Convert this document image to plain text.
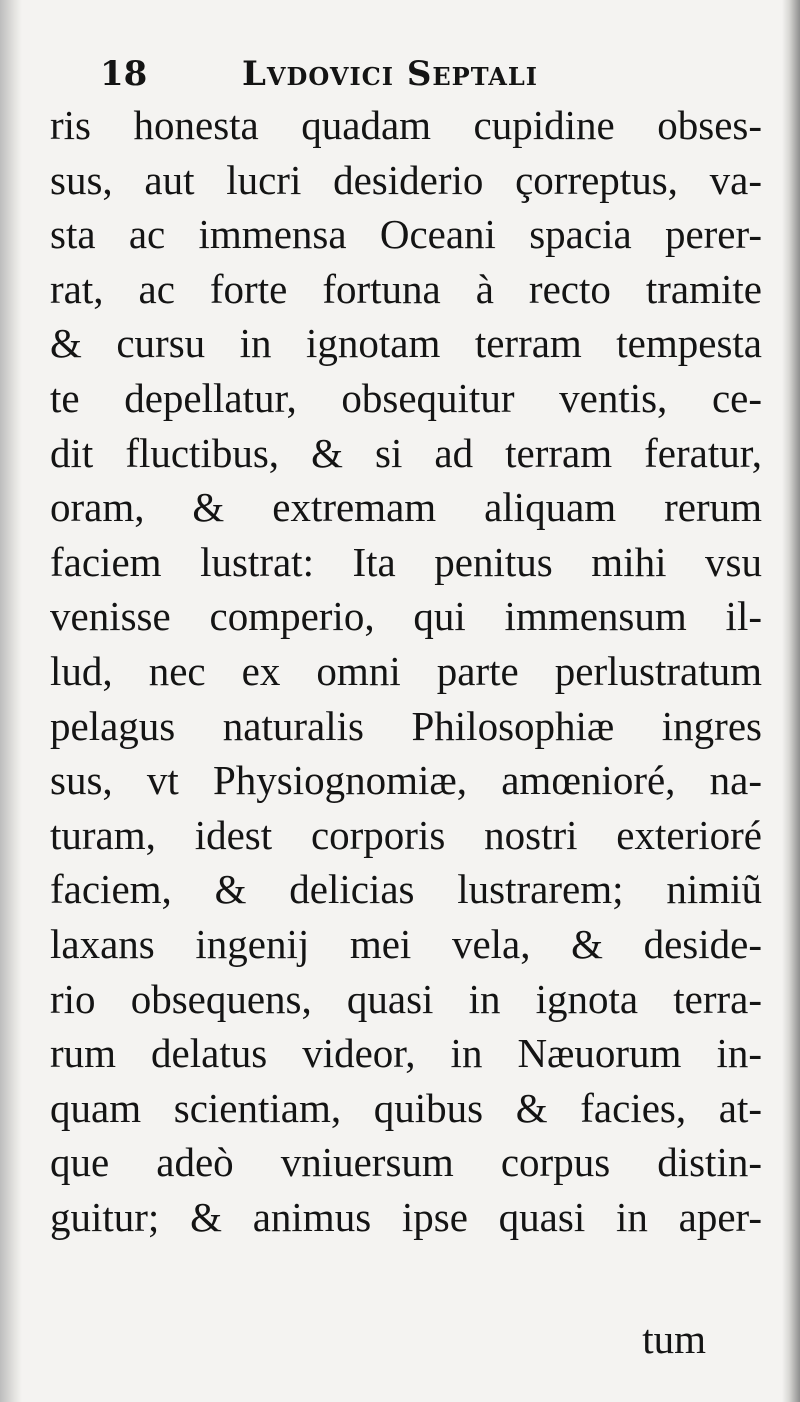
18	Lvdovici Septali
ris honesta quadam cupidine obses-
sus, aut lucri desiderio çorreptus, va-
sta ac immensa Oceani spacia perer-
rat, ac forte fortuna à recto tramite
& cursu in ignotam terram tempesta
te depellatur, obsequitur ventis, ce-
dit fluctibus, & si ad terram feratur,
oram, & extremam aliquam rerum
faciem lustrat: Ita penitus mihi vsu
venisse comperio, qui immensum il-
lud, nec ex omni parte perlustratum
pelagus naturalis Philosophiæ ingres
sus, vt Physiognomiæ, amœnioré, na-
turam, idest corporis nostri exterioré
faciem, & delicias lustrarem; nimiũ
laxans ingenij mei vela, & deside-
rio obsequens, quasi in ignota terra-
rum delatus videor, in Næuorum in-
quam scientiam, quibus & facies, at-
que adeò vniuersum corpus distin-
guitur; & animus ipse quasi in aper-
tum
